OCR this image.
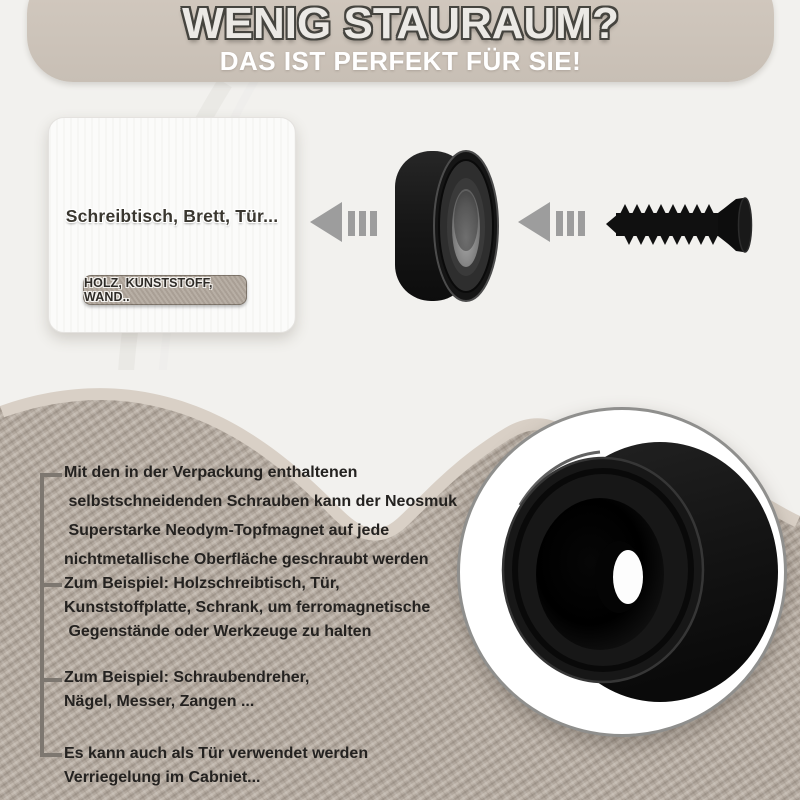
WENIG STAURAUM?
DAS IST PERFEKT FÜR SIE!
Schreibtisch, Brett, Tür...
HOLZ, KUNSTSTOFF, WAND..
Mit den in der Verpackung enthaltenen
selbstschneidenden Schrauben kann der Neosmuk
Superstarke Neodym-Topfmagnet auf jede
nichtmetallische Oberfläche geschraubt werden
Zum Beispiel: Holzschreibtisch, Tür,
Kunststoffplatte, Schrank, um ferromagnetische
Gegenstände oder Werkzeuge zu halten
Zum Beispiel: Schraubendreher,
Nägel, Messer, Zangen ...
Es kann auch als Tür verwendet werden
Verriegelung im Cabniet...
